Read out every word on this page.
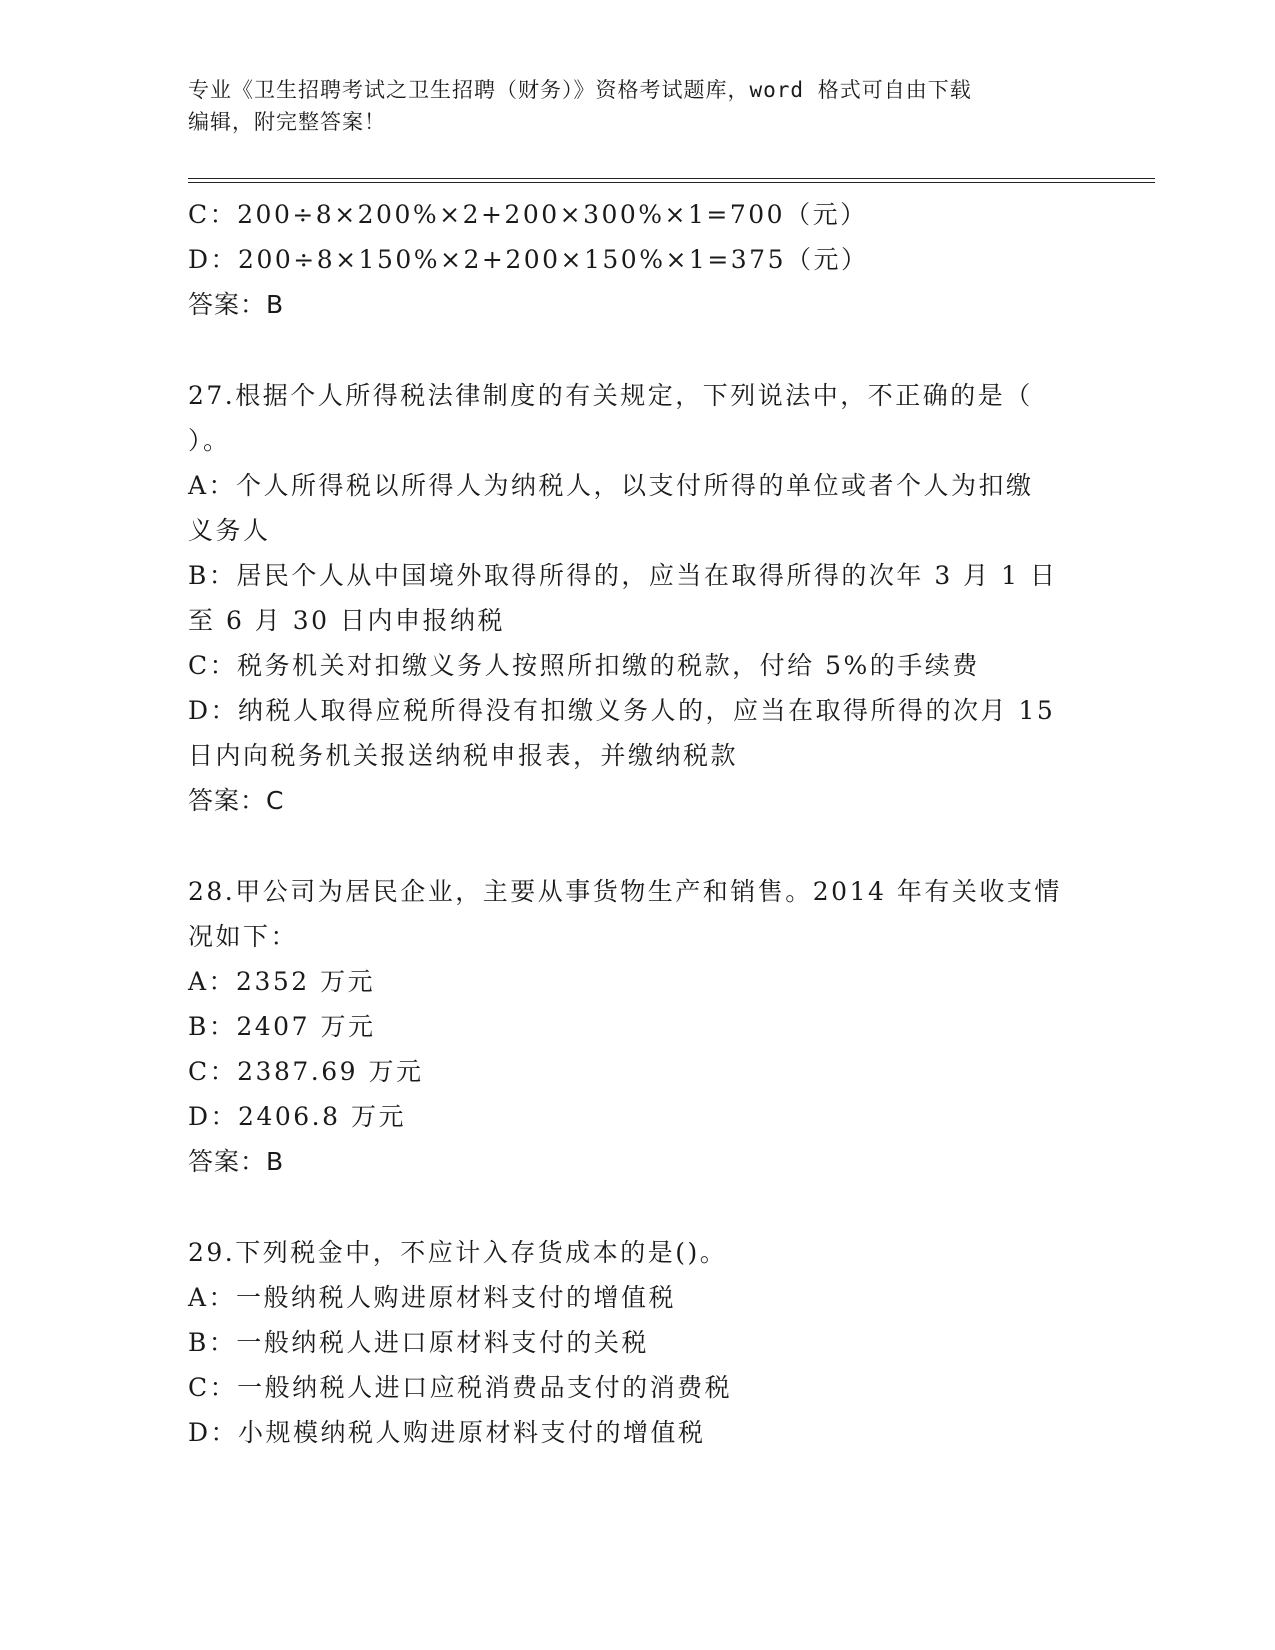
专业《卫生招聘考试之卫生招聘（财务）》资格考试题库，word 格式可自由下载
编辑，附完整答案！
C：200÷8×200%×2+200×300%×1=700（元）
D：200÷8×150%×2+200×150%×1=375（元）
答案：B
27.根据个人所得税法律制度的有关规定，下列说法中，不正确的是（
）。
A：个人所得税以所得人为纳税人，以支付所得的单位或者个人为扣缴
义务人
B：居民个人从中国境外取得所得的，应当在取得所得的次年 3 月 1 日
至 6 月 30 日内申报纳税
C：税务机关对扣缴义务人按照所扣缴的税款，付给 5%的手续费
D：纳税人取得应税所得没有扣缴义务人的，应当在取得所得的次月 15
日内向税务机关报送纳税申报表，并缴纳税款
答案：C
28.甲公司为居民企业，主要从事货物生产和销售。2014 年有关收支情
况如下：
A：2352 万元
B：2407 万元
C：2387.69 万元
D：2406.8 万元
答案：B
29.下列税金中，不应计入存货成本的是()。
A：一般纳税人购进原材料支付的增值税
B：一般纳税人进口原材料支付的关税
C：一般纳税人进口应税消费品支付的消费税
D：小规模纳税人购进原材料支付的增值税
